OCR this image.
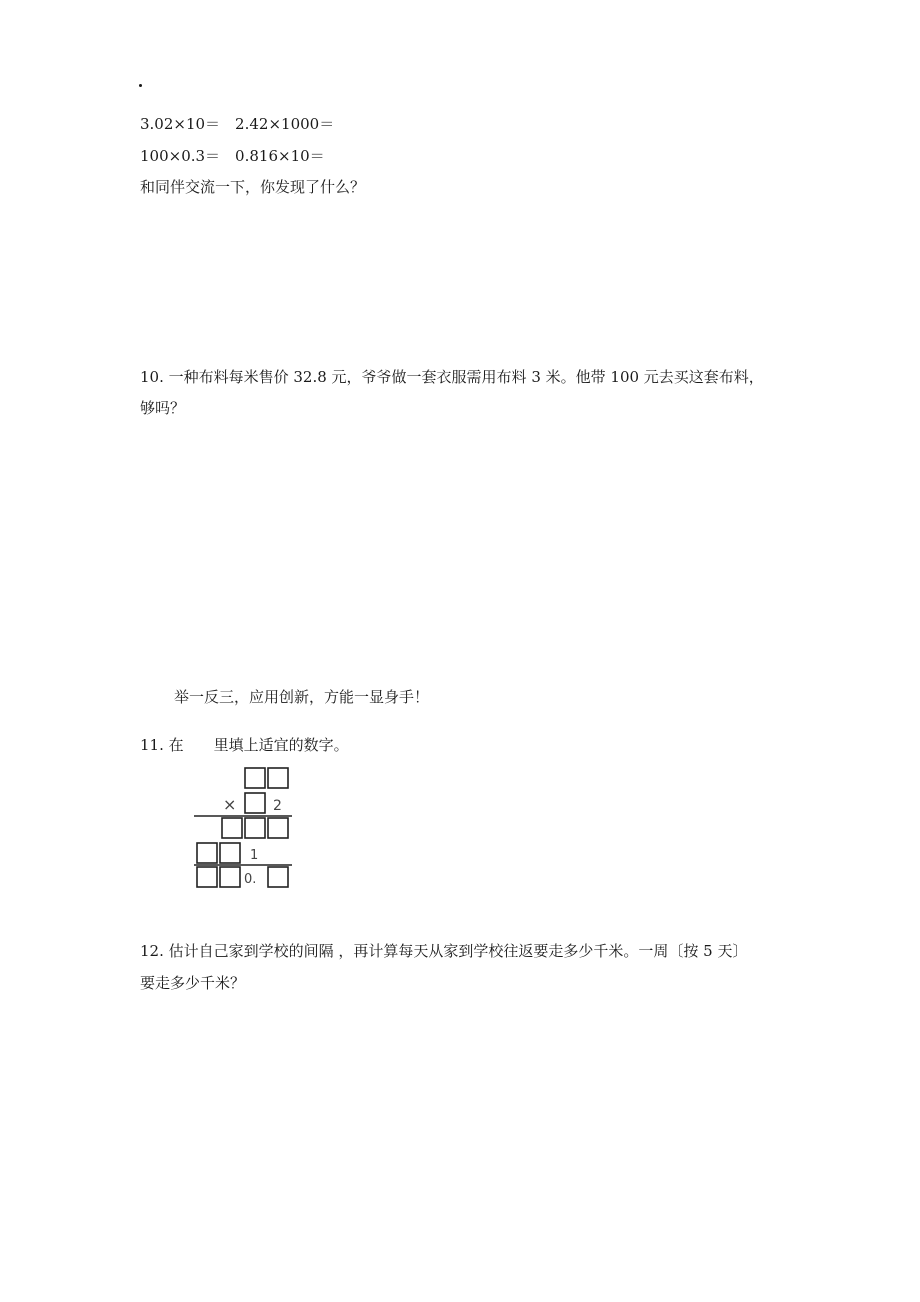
3.02×10＝　2.42×1000＝
100×0.3＝　0.816×10＝
和同伴交流一下，你发现了什么？
10. 一种布料每米售价 32.8 元，爷爷做一套衣服需用布料 3 米。他带 100 元去买这套布料，
够吗？
举一反三，应用创新，方能一显身手！
11. 在　　里填上适宜的数字。
×	2
1
0.
12. 估计自己家到学校的间隔 ，再计算每天从家到学校往返要走多少千米。一周〔按 5 天〕
要走多少千米？
